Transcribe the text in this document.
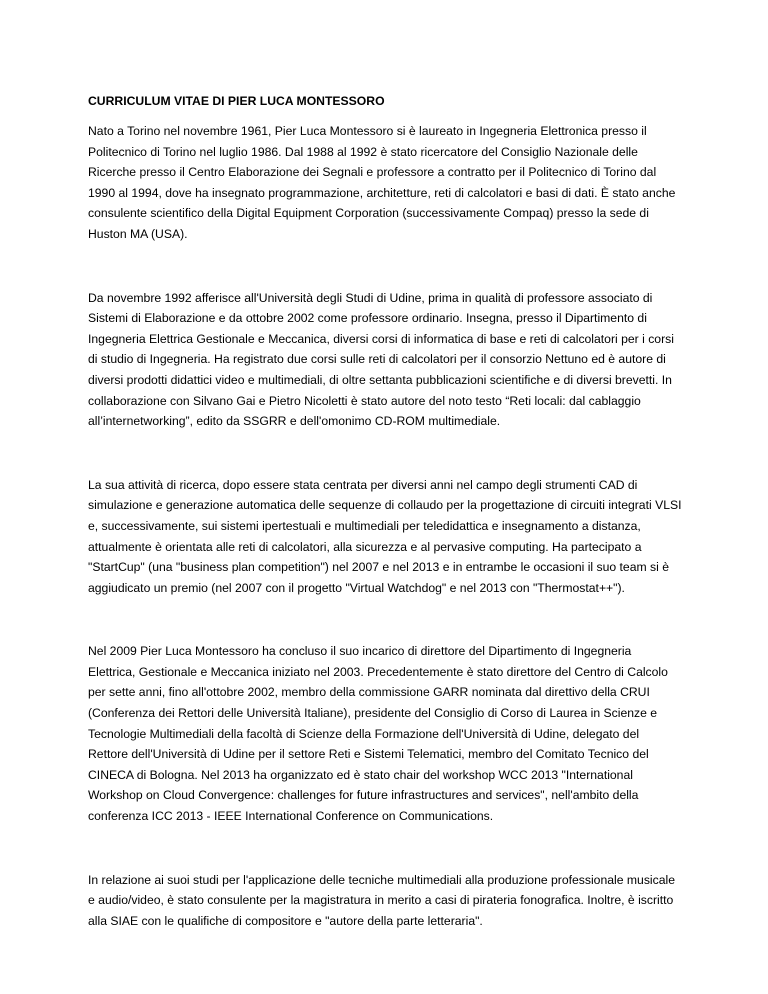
CURRICULUM VITAE DI PIER LUCA MONTESSORO

Nato a Torino nel novembre 1961, Pier Luca Montessoro si è laureato in Ingegneria Elettronica presso il Politecnico di Torino nel luglio 1986. Dal 1988 al 1992 è stato ricercatore del Consiglio Nazionale delle Ricerche presso il Centro Elaborazione dei Segnali e professore a contratto per il Politecnico di Torino dal 1990 al 1994, dove ha insegnato programmazione, architetture, reti di calcolatori e basi di dati. È stato anche consulente scientifico della Digital Equipment Corporation (successivamente Compaq) presso la sede di Huston MA (USA).

Da novembre 1992 afferisce all'Università degli Studi di Udine, prima in qualità di professore associato di Sistemi di Elaborazione e da ottobre 2002 come professore ordinario. Insegna, presso il Dipartimento di Ingegneria Elettrica Gestionale e Meccanica, diversi corsi di informatica di base e reti di calcolatori per i corsi di studio di Ingegneria. Ha registrato due corsi sulle reti di calcolatori per il consorzio Nettuno ed è autore di diversi prodotti didattici video e multimediali, di oltre settanta pubblicazioni scientifiche e di diversi brevetti. In collaborazione con Silvano Gai e Pietro Nicoletti è stato autore del noto testo “Reti locali: dal cablaggio all’internetworking”, edito da SSGRR e dell'omonimo CD-ROM multimediale.

La sua attività di ricerca, dopo essere stata centrata per diversi anni nel campo degli strumenti CAD di simulazione e generazione automatica delle sequenze di collaudo per la progettazione di circuiti integrati VLSI e, successivamente, sui sistemi ipertestuali e multimediali per teledidattica e insegnamento a distanza, attualmente è orientata alle reti di calcolatori, alla sicurezza e al pervasive computing. Ha partecipato a "StartCup" (una "business plan competition") nel 2007 e nel 2013 e in entrambe le occasioni il suo team si è aggiudicato un premio (nel 2007 con il progetto "Virtual Watchdog" e nel 2013 con "Thermostat++").

Nel 2009 Pier Luca Montessoro ha concluso il suo incarico di direttore del Dipartimento di Ingegneria Elettrica, Gestionale e Meccanica iniziato nel 2003. Precedentemente è stato direttore del Centro di Calcolo per sette anni, fino all'ottobre 2002, membro della commissione GARR nominata dal direttivo della CRUI (Conferenza dei Rettori delle Università Italiane), presidente del Consiglio di Corso di Laurea in Scienze e Tecnologie Multimediali della facoltà di Scienze della Formazione dell'Università di Udine, delegato del Rettore dell'Università di Udine per il settore Reti e Sistemi Telematici, membro del Comitato Tecnico del CINECA di Bologna. Nel 2013 ha organizzato ed è stato chair del workshop WCC 2013 "International Workshop on Cloud Convergence: challenges for future infrastructures and services", nell'ambito della conferenza ICC 2013 - IEEE International Conference on Communications.

In relazione ai suoi studi per l'applicazione delle tecniche multimediali alla produzione professionale musicale e audio/video, è stato consulente per la magistratura in merito a casi di pirateria fonografica. Inoltre, è iscritto alla SIAE con le qualifiche di compositore e "autore della parte letteraria".
